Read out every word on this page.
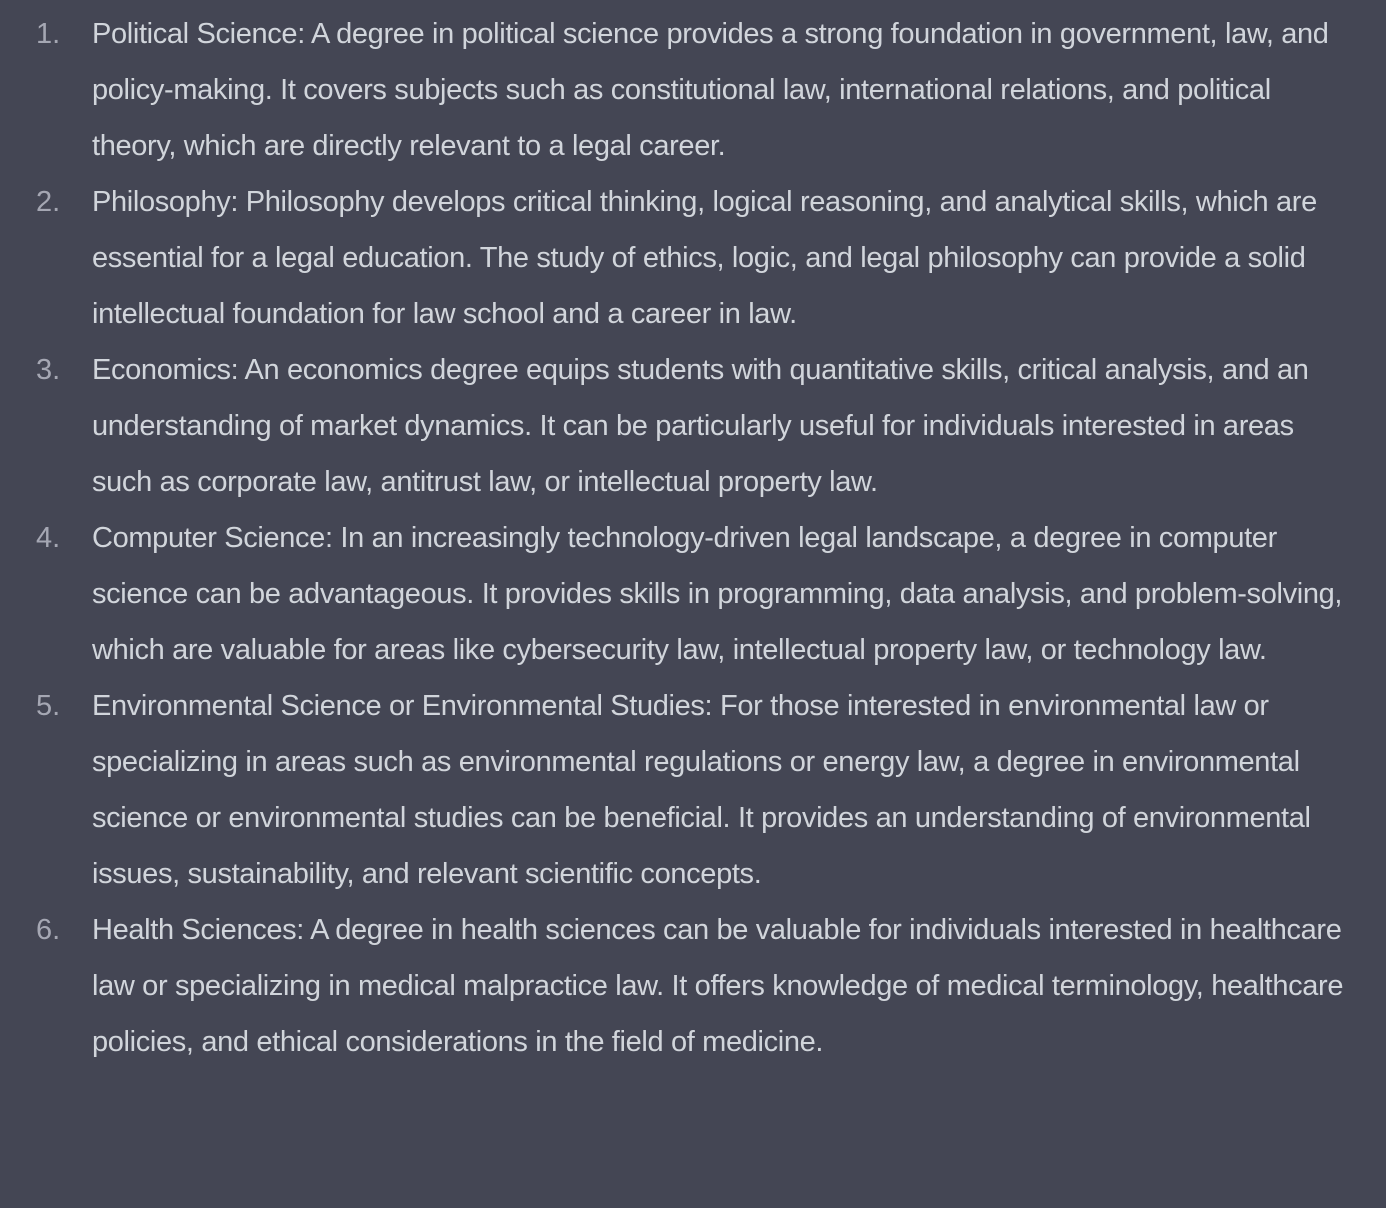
1.	Political Science: A degree in political science provides a strong foundation in government, law, and policy-making. It covers subjects such as constitutional law, international relations, and political theory, which are directly relevant to a legal career.
2.	Philosophy: Philosophy develops critical thinking, logical reasoning, and analytical skills, which are essential for a legal education. The study of ethics, logic, and legal philosophy can provide a solid intellectual foundation for law school and a career in law.
3.	Economics: An economics degree equips students with quantitative skills, critical analysis, and an understanding of market dynamics. It can be particularly useful for individuals interested in areas such as corporate law, antitrust law, or intellectual property law.
4.	Computer Science: In an increasingly technology-driven legal landscape, a degree in computer science can be advantageous. It provides skills in programming, data analysis, and problem-solving, which are valuable for areas like cybersecurity law, intellectual property law, or technology law.
5.	Environmental Science or Environmental Studies: For those interested in environmental law or specializing in areas such as environmental regulations or energy law, a degree in environmental science or environmental studies can be beneficial. It provides an understanding of environmental issues, sustainability, and relevant scientific concepts.
6.	Health Sciences: A degree in health sciences can be valuable for individuals interested in healthcare law or specializing in medical malpractice law. It offers knowledge of medical terminology, healthcare policies, and ethical considerations in the field of medicine.
